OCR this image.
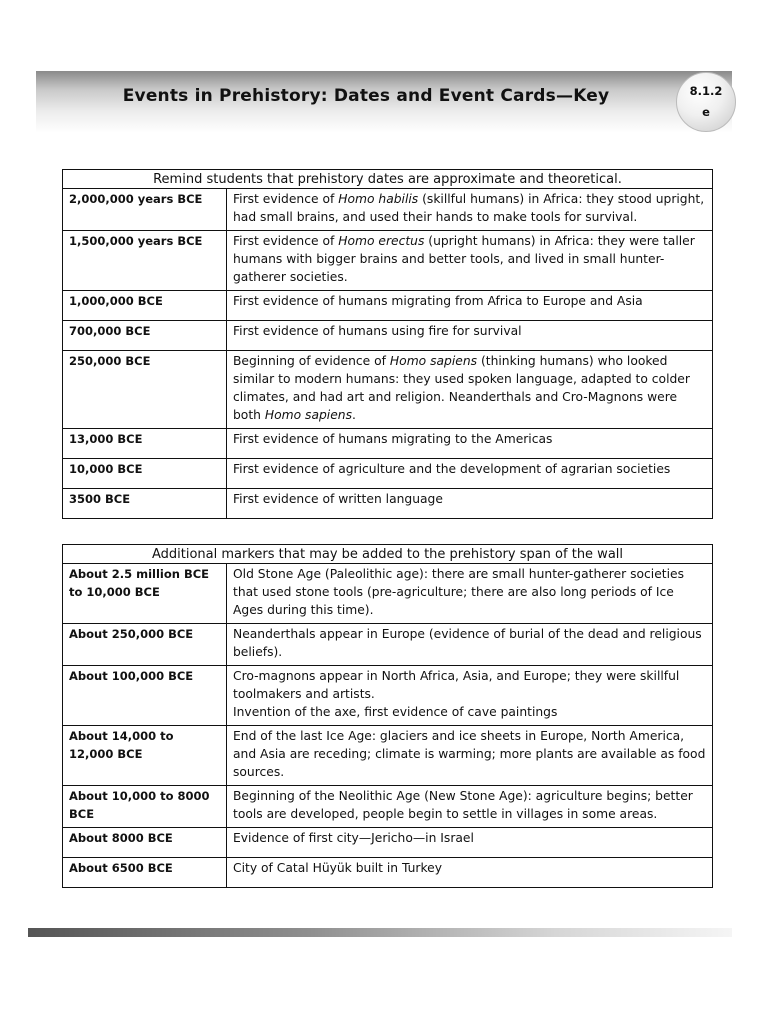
Events in Prehistory: Dates and Event Cards—Key	8.1.2
e
Remind students that prehistory dates are approximate and theoretical.	
2,000,000 years BCE	First evidence of Homo habilis (skillful humans) in Africa: they stood upright, had small brains, and used their hands to make tools for survival.
1,500,000 years BCE	First evidence of Homo erectus (upright humans) in Africa: they were taller humans with bigger brains and better tools, and lived in small hunter-gatherer societies.
1,000,000 BCE	First evidence of humans migrating from Africa to Europe and Asia
700,000 BCE	First evidence of humans using fire for survival
250,000 BCE	Beginning of evidence of Homo sapiens (thinking humans) who looked similar to modern humans: they used spoken language, adapted to colder climates, and had art and religion. Neanderthals and Cro-Magnons were both Homo sapiens.
13,000 BCE	First evidence of humans migrating to the Americas
10,000 BCE	First evidence of agriculture and the development of agrarian societies
3500 BCE	First evidence of written language
Additional markers that may be added to the prehistory span of the wall	
About 2.5 million BCE to 10,000 BCE	Old Stone Age (Paleolithic age): there are small hunter-gatherer societies that used stone tools (pre-agriculture; there are also long periods of Ice Ages during this time).
About 250,000 BCE	Neanderthals appear in Europe (evidence of burial of the dead and religious beliefs).
About 100,000 BCE	Cro-magnons appear in North Africa, Asia, and Europe; they were skillful toolmakers and artists.
Invention of the axe, first evidence of cave paintings
About 14,000 to 12,000 BCE	End of the last Ice Age: glaciers and ice sheets in Europe, North America, and Asia are receding; climate is warming; more plants are available as food sources.
About 10,000 to 8000 BCE	Beginning of the Neolithic Age (New Stone Age): agriculture begins; better tools are developed, people begin to settle in villages in some areas.
About 8000 BCE	Evidence of first city—Jericho—in Israel
About 6500 BCE	City of Catal Hüyük built in Turkey
